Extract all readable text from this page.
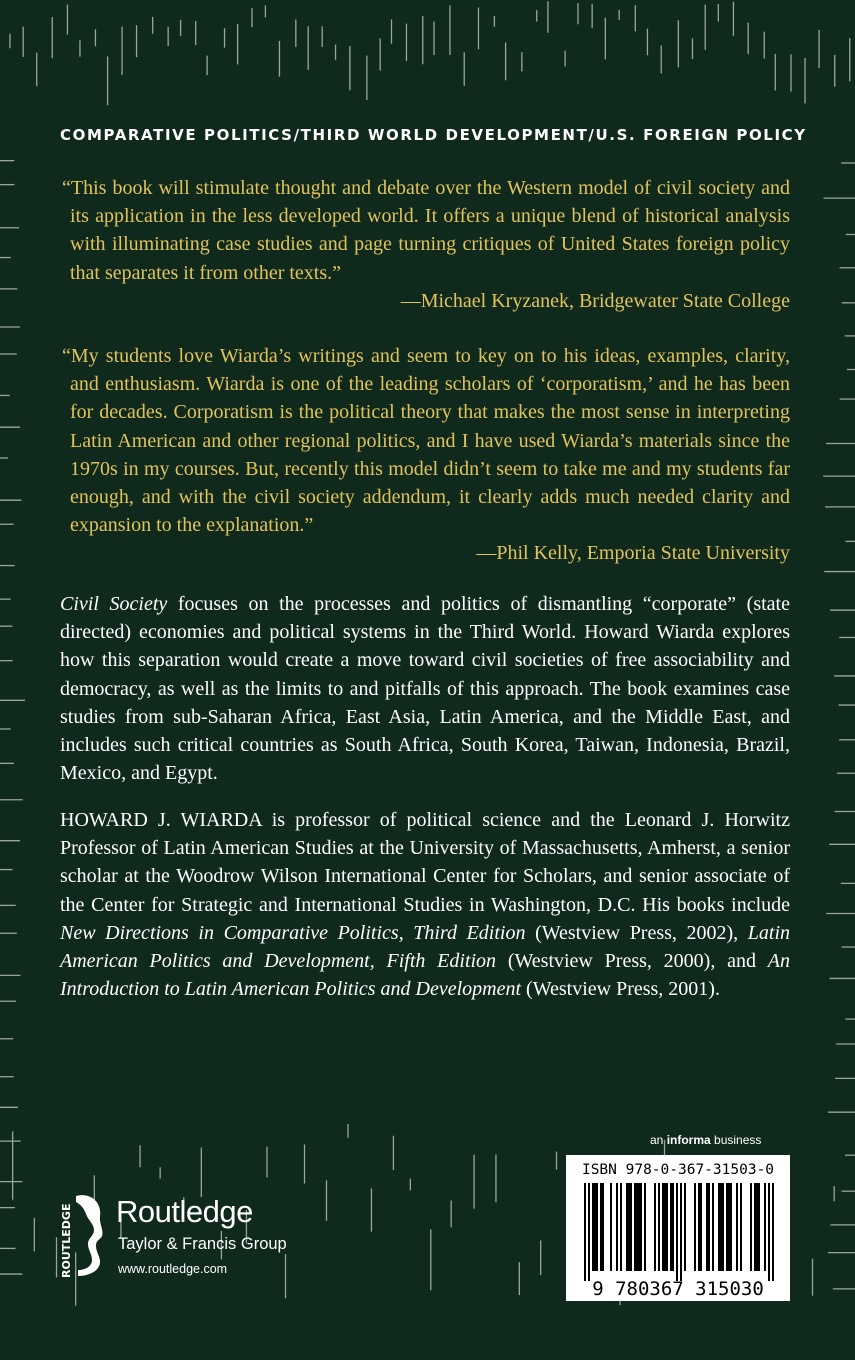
COMPARATIVE POLITICS/THIRD WORLD DEVELOPMENT/U.S. FOREIGN POLICY
“This book will stimulate thought and debate over the Western model of civil society and its application in the less developed world. It offers a unique blend of historical analysis with illuminating case studies and page turning critiques of United States foreign policy that separates it from other texts.”
—Michael Kryzanek, Bridgewater State College
“My students love Wiarda’s writings and seem to key on to his ideas, examples, clarity, and enthusiasm. Wiarda is one of the leading scholars of ‘corporatism,’ and he has been for decades. Corporatism is the political theory that makes the most sense in interpreting Latin American and other regional politics, and I have used Wiarda’s materials since the 1970s in my courses. But, recently this model didn’t seem to take me and my students far enough, and with the civil society addendum, it clearly adds much needed clarity and expansion to the explanation.”
—Phil Kelly, Emporia State University
Civil Society focuses on the processes and politics of dismantling “corporate” (state directed) economies and political systems in the Third World. Howard Wiarda explores how this separation would create a move toward civil societies of free associability and democracy, as well as the limits to and pitfalls of this approach. The book examines case studies from sub-Saharan Africa, East Asia, Latin America, and the Middle East, and includes such critical countries as South Africa, South Korea, Taiwan, Indonesia, Brazil, Mexico, and Egypt.
HOWARD J. WIARDA is professor of political science and the Leonard J. Horwitz Professor of Latin American Studies at the University of Massachusetts, Amherst, a senior scholar at the Woodrow Wilson International Center for Scholars, and senior associate of the Center for Strategic and International Studies in Washington, D.C. His books include New Directions in Comparative Politics, Third Edition (Westview Press, 2002), Latin American Politics and Development, Fifth Edition (Westview Press, 2000), and An Introduction to Latin American Politics and Development (Westview Press, 2001).
an informa business
ISBN 978-0-367-31503-0
9 780367 315030
ROUTLEDGE Routledge
Taylor & Francis Group
www.routledge.com
